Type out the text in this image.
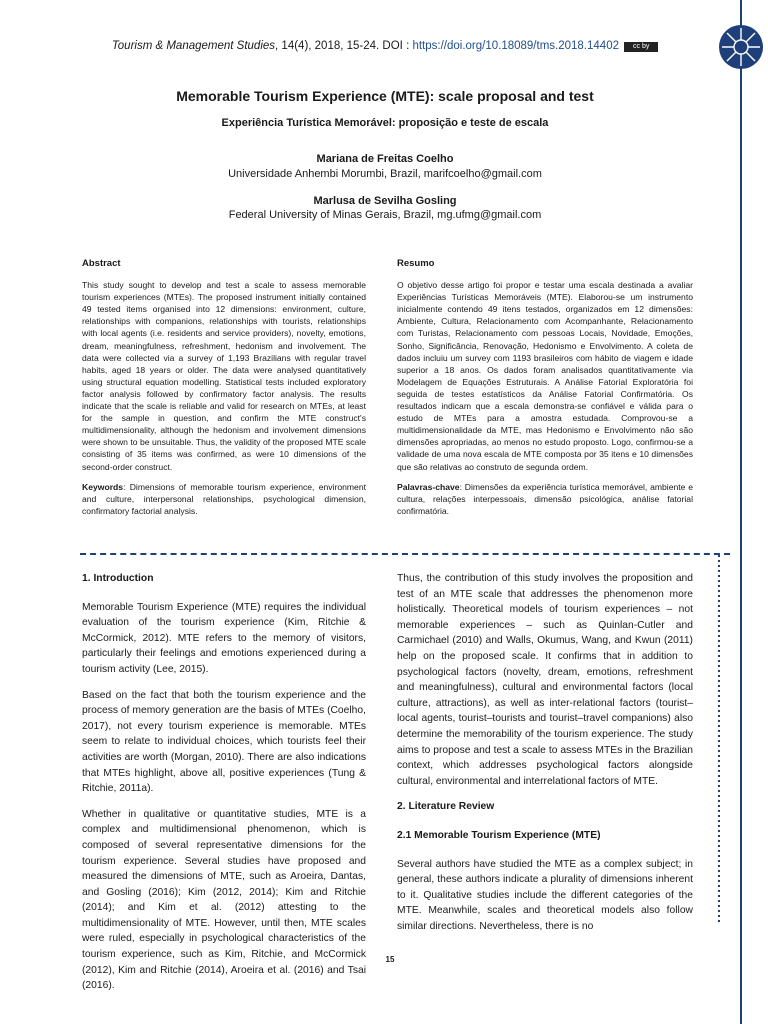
Tourism & Management Studies, 14(4), 2018, 15-24. DOI : https://doi.org/10.18089/tms.2018.14402 cc by
Memorable Tourism Experience (MTE): scale proposal and test
Experiência Turística Memorável: proposição e teste de escala
Mariana de Freitas Coelho
Universidade Anhembi Morumbi, Brazil, marifcoelho@gmail.com
Marlusa de Sevilha Gosling
Federal University of Minas Gerais, Brazil, mg.ufmg@gmail.com
Abstract

This study sought to develop and test a scale to assess memorable tourism experiences (MTEs). The proposed instrument initially contained 49 tested items organised into 12 dimensions: environment, culture, relationships with companions, relationships with tourists, relationships with local agents (i.e. residents and service providers), novelty, emotions, dream, meaningfulness, refreshment, hedonism and involvement. The data were collected via a survey of 1,193 Brazilians with regular travel habits, aged 18 years or older. The data were analysed quantitatively using structural equation modelling. Statistical tests included exploratory factor analysis followed by confirmatory factor analysis. The results indicate that the scale is reliable and valid for research on MTEs, at least for the sample in question, and confirm the MTE construct's multidimensionality, although the hedonism and involvement dimensions were shown to be unsuitable. Thus, the validity of the proposed MTE scale consisting of 35 items was confirmed, as were 10 dimensions of the second-order construct.

Keywords: Dimensions of memorable tourism experience, environment and culture, interpersonal relationships, psychological dimension, confirmatory factorial analysis.

Resumo

O objetivo desse artigo foi propor e testar uma escala destinada a avaliar Experiências Turísticas Memoráveis (MTE). Elaborou-se um instrumento inicialmente contendo 49 itens testados, organizados em 12 dimensões: Ambiente, Cultura, Relacionamento com Acompanhante, Relacionamento com Turistas, Relacionamento com pessoas Locais, Novidade, Emoções, Sonho, Significância, Renovação, Hedonismo e Envolvimento. A coleta de dados incluiu um survey com 1193 brasileiros com hábito de viagem e idade superior a 18 anos. Os dados foram analisados quantitativamente via Modelagem de Equações Estruturais. A Análise Fatorial Exploratória foi seguida de testes estatísticos da Análise Fatorial Confirmatória. Os resultados indicam que a escala demonstra-se confiável e válida para o estudo de MTEs para a amostra estudada. Comprovou-se a multidimensionalidade da MTE, mas Hedonismo e Envolvimento não são dimensões apropriadas, ao menos no estudo proposto. Logo, confirmou-se a validade de uma nova escala de MTE composta por 35 itens e 10 dimensões que são relativas ao construto de segunda ordem.

Palavras-chave: Dimensões da experiência turística memorável, ambiente e cultura, relações interpessoais, dimensão psicológica, análise fatorial confirmatória.

1. Introduction

Memorable Tourism Experience (MTE) requires the individual evaluation of the tourism experience (Kim, Ritchie & McCormick, 2012). MTE refers to the memory of visitors, particularly their feelings and emotions experienced during a tourism activity (Lee, 2015).

Based on the fact that both the tourism experience and the process of memory generation are the basis of MTEs (Coelho, 2017), not every tourism experience is memorable. MTEs seem to relate to individual choices, which tourists feel their activities are worth (Morgan, 2010). There are also indications that MTEs highlight, above all, positive experiences (Tung & Ritchie, 2011a).

Whether in qualitative or quantitative studies, MTE is a complex and multidimensional phenomenon, which is composed of several representative dimensions for the tourism experience. Several studies have proposed and measured the dimensions of MTE, such as Aroeira, Dantas, and Gosling (2016); Kim (2012, 2014); Kim and Ritchie (2014); and Kim et al. (2012) attesting to the multidimensionality of MTE. However, until then, MTE scales were ruled, especially in psychological characteristics of the tourism experience, such as Kim, Ritchie, and McCormick (2012), Kim and Ritchie (2014), Aroeira et al. (2016) and Tsai (2016).

Thus, the contribution of this study involves the proposition and test of an MTE scale that addresses the phenomenon more holistically. Theoretical models of tourism experiences – not memorable experiences – such as Quinlan-Cutler and Carmichael (2010) and Walls, Okumus, Wang, and Kwun (2011) help on the proposed scale. It confirms that in addition to psychological factors (novelty, dream, emotions, refreshment and meaningfulness), cultural and environmental factors (local culture, attractions), as well as inter-relational factors (tourist–local agents, tourist–tourists and tourist–travel companions) also determine the memorability of the tourism experience. The study aims to propose and test a scale to assess MTEs in the Brazilian context, which addresses psychological factors alongside cultural, environmental and interrelational factors of MTE.

2. Literature Review
2.1 Memorable Tourism Experience (MTE)

Several authors have studied the MTE as a complex subject; in general, these authors indicate a plurality of dimensions inherent to it. Qualitative studies include the different categories of the MTE. Meanwhile, scales and theoretical models also follow similar directions. Nevertheless, there is no

15
